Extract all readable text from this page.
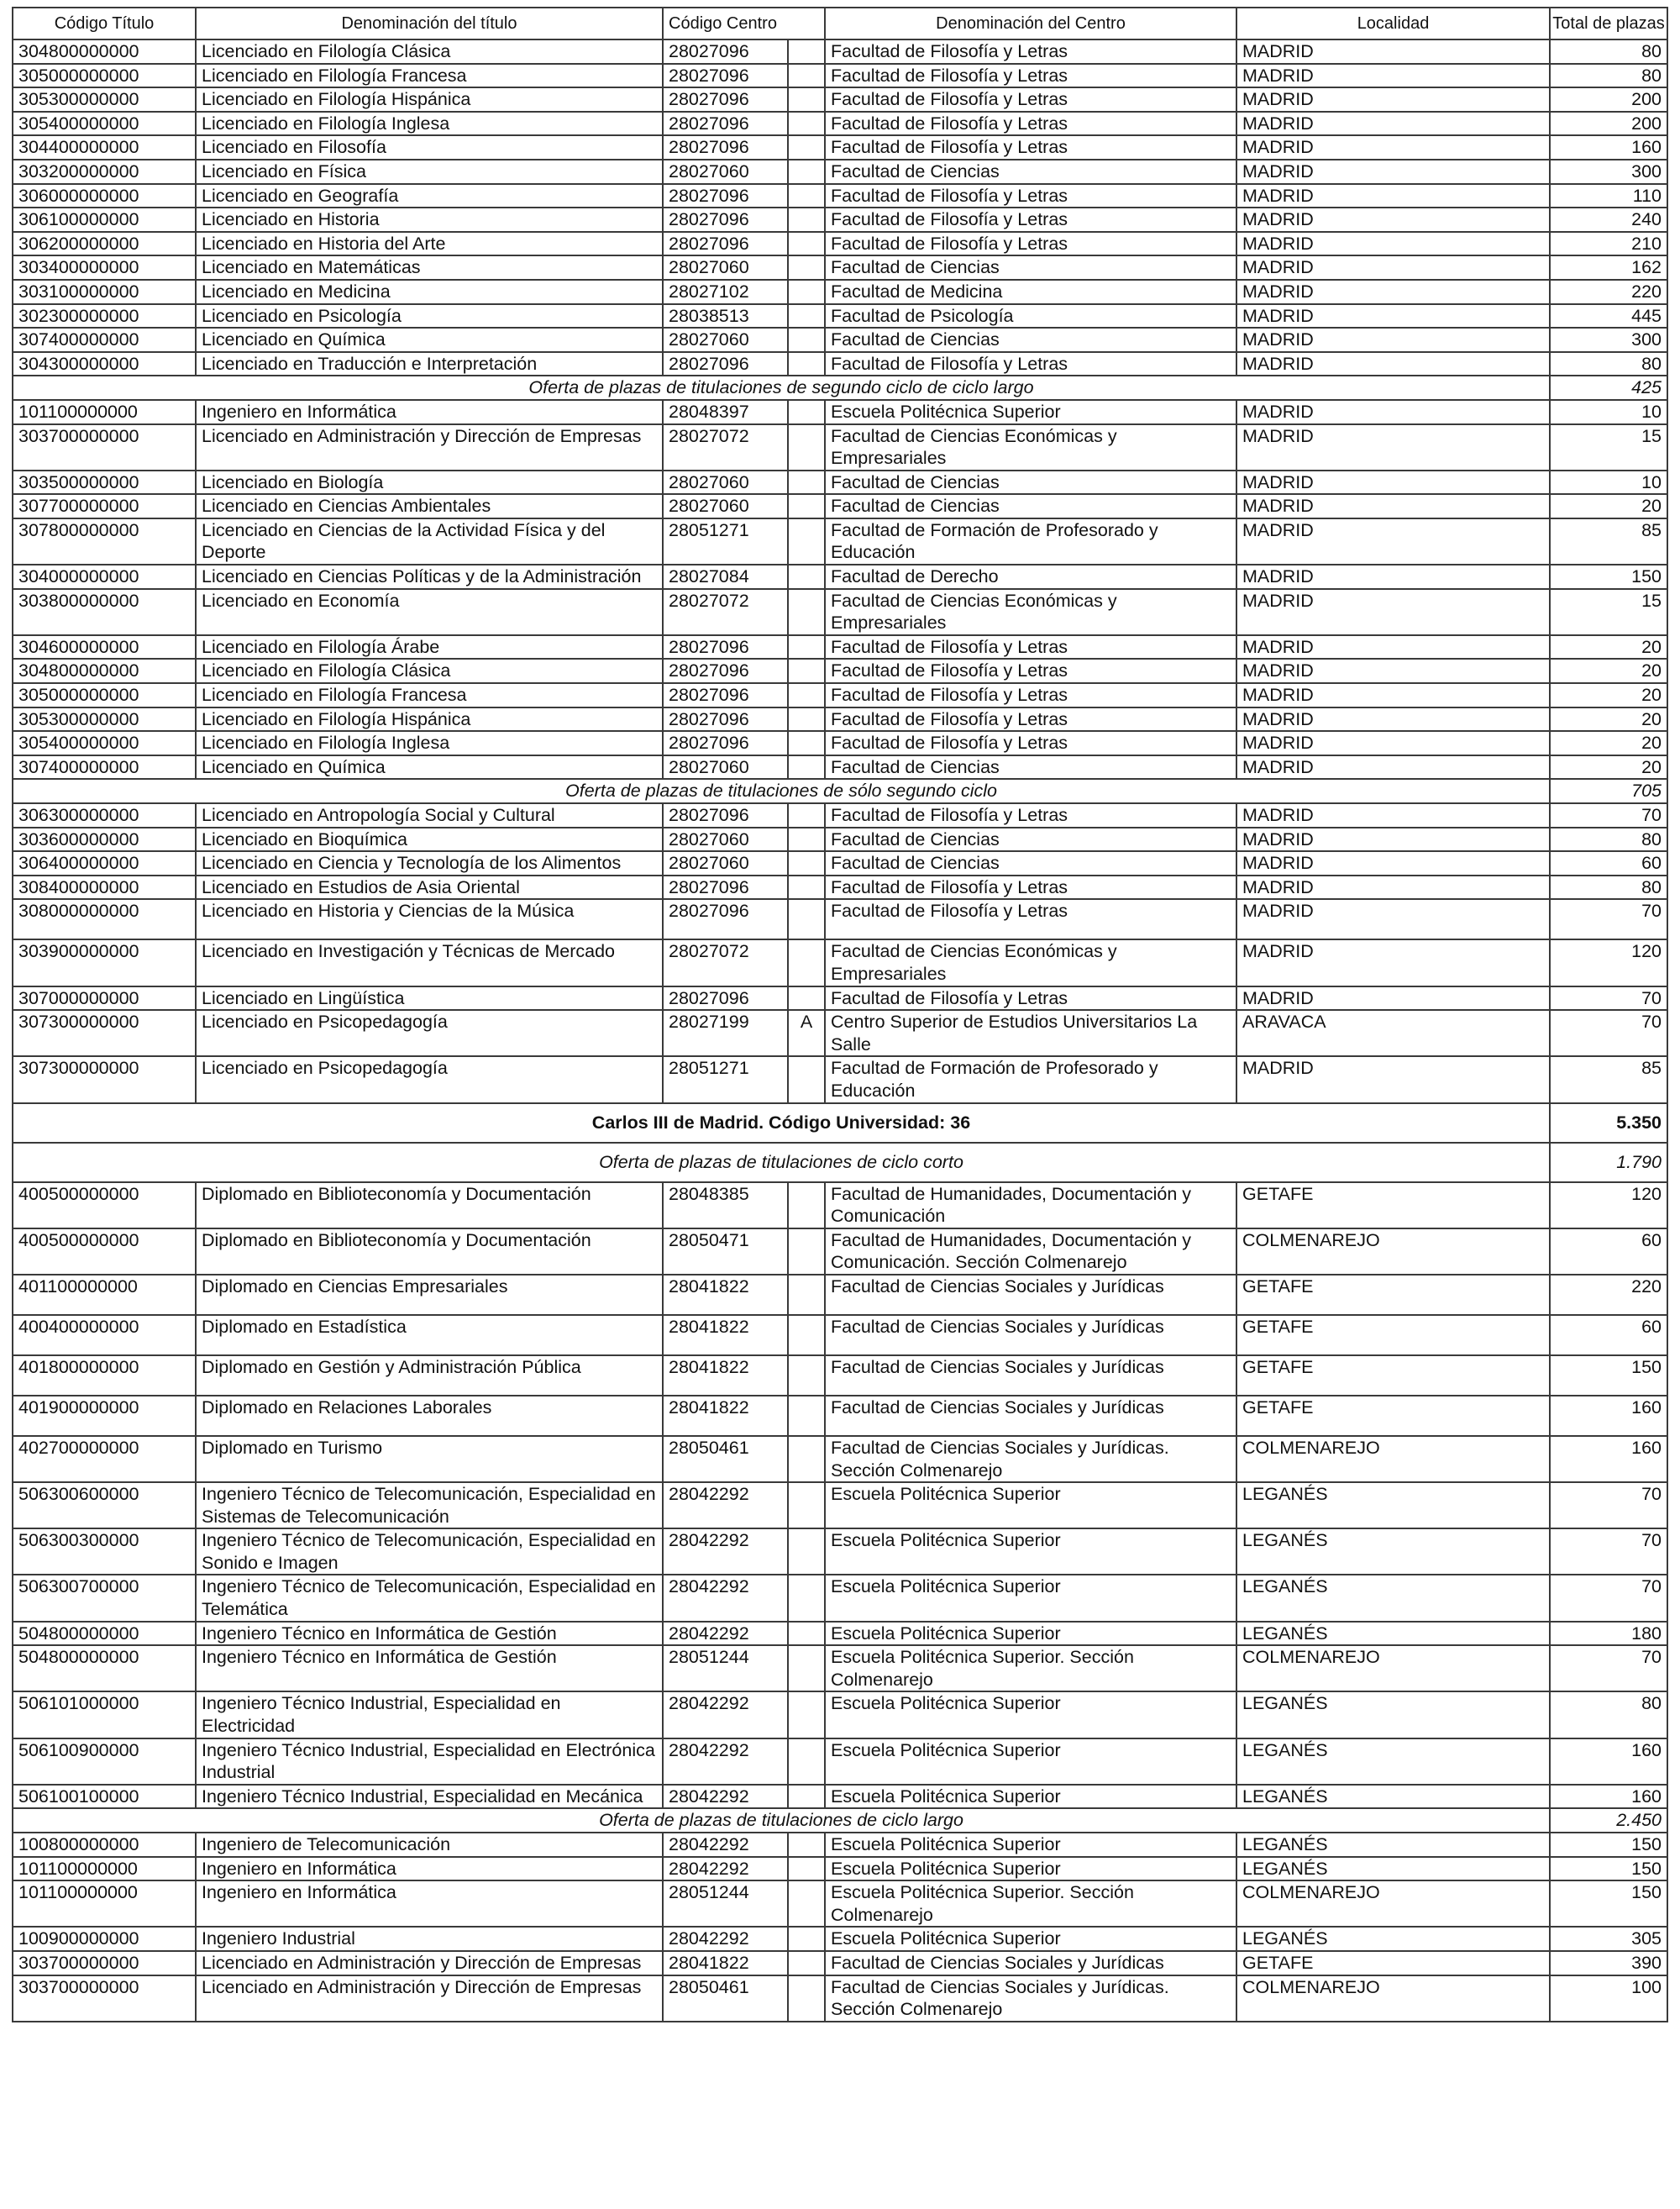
Código Título	Denominación del título	Código Centro		Denominación del Centro	Localidad	Total de plazas
304800000000	Licenciado en Filología Clásica	28027096		Facultad de Filosofía y Letras	MADRID	80
305000000000	Licenciado en Filología Francesa	28027096		Facultad de Filosofía y Letras	MADRID	80
305300000000	Licenciado en Filología Hispánica	28027096		Facultad de Filosofía y Letras	MADRID	200
305400000000	Licenciado en Filología Inglesa	28027096		Facultad de Filosofía y Letras	MADRID	200
304400000000	Licenciado en Filosofía	28027096		Facultad de Filosofía y Letras	MADRID	160
303200000000	Licenciado en Física	28027060		Facultad de Ciencias	MADRID	300
306000000000	Licenciado en Geografía	28027096		Facultad de Filosofía y Letras	MADRID	110
306100000000	Licenciado en Historia	28027096		Facultad de Filosofía y Letras	MADRID	240
306200000000	Licenciado en Historia del Arte	28027096		Facultad de Filosofía y Letras	MADRID	210
303400000000	Licenciado en Matemáticas	28027060		Facultad de Ciencias	MADRID	162
303100000000	Licenciado en Medicina	28027102		Facultad de Medicina	MADRID	220
302300000000	Licenciado en Psicología	28038513		Facultad de Psicología	MADRID	445
307400000000	Licenciado en Química	28027060		Facultad de Ciencias	MADRID	300
304300000000	Licenciado en Traducción e Interpretación	28027096		Facultad de Filosofía y Letras	MADRID	80
Oferta de plazas de titulaciones de segundo ciclo de ciclo largo						425
101100000000	Ingeniero en Informática	28048397		Escuela Politécnica Superior	MADRID	10
303700000000	Licenciado en Administración y Dirección de Empresas	28027072		Facultad de Ciencias Económicas y Empresariales	MADRID	15
303500000000	Licenciado en Biología	28027060		Facultad de Ciencias	MADRID	10
307700000000	Licenciado en Ciencias Ambientales	28027060		Facultad de Ciencias	MADRID	20
307800000000	Licenciado en Ciencias de la Actividad Física y del Deporte	28051271		Facultad de Formación de Profesorado y Educación	MADRID	85
304000000000	Licenciado en Ciencias Políticas y de la Administración	28027084		Facultad de Derecho	MADRID	150
303800000000	Licenciado en Economía	28027072		Facultad de Ciencias Económicas y Empresariales	MADRID	15
304600000000	Licenciado en Filología Árabe	28027096		Facultad de Filosofía y Letras	MADRID	20
304800000000	Licenciado en Filología Clásica	28027096		Facultad de Filosofía y Letras	MADRID	20
305000000000	Licenciado en Filología Francesa	28027096		Facultad de Filosofía y Letras	MADRID	20
305300000000	Licenciado en Filología Hispánica	28027096		Facultad de Filosofía y Letras	MADRID	20
305400000000	Licenciado en Filología Inglesa	28027096		Facultad de Filosofía y Letras	MADRID	20
307400000000	Licenciado en Química	28027060		Facultad de Ciencias	MADRID	20
Oferta de plazas de titulaciones de sólo segundo ciclo						705
306300000000	Licenciado en Antropología Social y Cultural	28027096		Facultad de Filosofía y Letras	MADRID	70
303600000000	Licenciado en Bioquímica	28027060		Facultad de Ciencias	MADRID	80
306400000000	Licenciado en Ciencia y Tecnología de los Alimentos	28027060		Facultad de Ciencias	MADRID	60
308400000000	Licenciado en Estudios de Asia Oriental	28027096		Facultad de Filosofía y Letras	MADRID	80
308000000000	Licenciado en Historia y Ciencias de la Música	28027096		Facultad de Filosofía y Letras	MADRID	70
303900000000	Licenciado en Investigación y Técnicas de Mercado	28027072		Facultad de Ciencias Económicas y Empresariales	MADRID	120
307000000000	Licenciado en Lingüística	28027096		Facultad de Filosofía y Letras	MADRID	70
307300000000	Licenciado en Psicopedagogía	28027199	A	Centro Superior de Estudios Universitarios La Salle	ARAVACA	70
307300000000	Licenciado en Psicopedagogía	28051271		Facultad de Formación de Profesorado y Educación	MADRID	85
Carlos III de Madrid. Código Universidad: 36						5.350
Oferta de plazas de titulaciones de ciclo corto						1.790
400500000000	Diplomado en Biblioteconomía y Documentación	28048385		Facultad de Humanidades, Documentación y Comunicación	GETAFE	120
400500000000	Diplomado en Biblioteconomía y Documentación	28050471		Facultad de Humanidades, Documentación y Comunicación. Sección Colmenarejo	COLMENAREJO	60
401100000000	Diplomado en Ciencias Empresariales	28041822		Facultad de Ciencias Sociales y Jurídicas	GETAFE	220
400400000000	Diplomado en Estadística	28041822		Facultad de Ciencias Sociales y Jurídicas	GETAFE	60
401800000000	Diplomado en Gestión y Administración Pública	28041822		Facultad de Ciencias Sociales y Jurídicas	GETAFE	150
401900000000	Diplomado en Relaciones Laborales	28041822		Facultad de Ciencias Sociales y Jurídicas	GETAFE	160
402700000000	Diplomado en Turismo	28050461		Facultad de Ciencias Sociales y Jurídicas. Sección Colmenarejo	COLMENAREJO	160
506300600000	Ingeniero Técnico de Telecomunicación, Especialidad en Sistemas de Telecomunicación	28042292		Escuela Politécnica Superior	LEGANÉS	70
506300300000	Ingeniero Técnico de Telecomunicación, Especialidad en Sonido e Imagen	28042292		Escuela Politécnica Superior	LEGANÉS	70
506300700000	Ingeniero Técnico de Telecomunicación, Especialidad en Telemática	28042292		Escuela Politécnica Superior	LEGANÉS	70
504800000000	Ingeniero Técnico en Informática de Gestión	28042292		Escuela Politécnica Superior	LEGANÉS	180
504800000000	Ingeniero Técnico en Informática de Gestión	28051244		Escuela Politécnica Superior. Sección Colmenarejo	COLMENAREJO	70
506101000000	Ingeniero Técnico Industrial, Especialidad en Electricidad	28042292		Escuela Politécnica Superior	LEGANÉS	80
506100900000	Ingeniero Técnico Industrial, Especialidad en Electrónica Industrial	28042292		Escuela Politécnica Superior	LEGANÉS	160
506100100000	Ingeniero Técnico Industrial, Especialidad en Mecánica	28042292		Escuela Politécnica Superior	LEGANÉS	160
Oferta de plazas de titulaciones de ciclo largo						2.450
100800000000	Ingeniero de Telecomunicación	28042292		Escuela Politécnica Superior	LEGANÉS	150
101100000000	Ingeniero en Informática	28042292		Escuela Politécnica Superior	LEGANÉS	150
101100000000	Ingeniero en Informática	28051244		Escuela Politécnica Superior. Sección Colmenarejo	COLMENAREJO	150
100900000000	Ingeniero Industrial	28042292		Escuela Politécnica Superior	LEGANÉS	305
303700000000	Licenciado en Administración y Dirección de Empresas	28041822		Facultad de Ciencias Sociales y Jurídicas	GETAFE	390
303700000000	Licenciado en Administración y Dirección de Empresas	28050461		Facultad de Ciencias Sociales y Jurídicas. Sección Colmenarejo	COLMENAREJO	100
